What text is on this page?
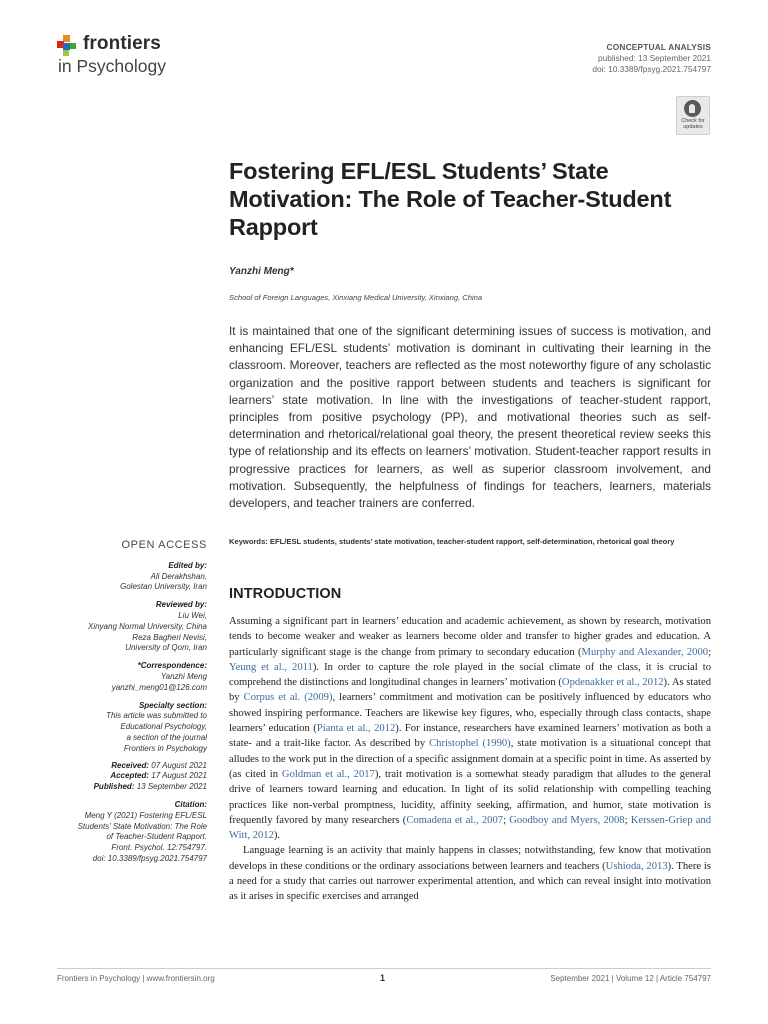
frontiers
in Psychology
CONCEPTUAL ANALYSIS
published: 13 September 2021
doi: 10.3389/fpsyg.2021.754797
Check for updates
Fostering EFL/ESL Students’ State Motivation: The Role of Teacher-Student Rapport
Yanzhi Meng*
School of Foreign Languages, Xinxiang Medical University, Xinxiang, China
It is maintained that one of the significant determining issues of success is motivation, and enhancing EFL/ESL students’ motivation is dominant in cultivating their learning in the classroom. Moreover, teachers are reflected as the most noteworthy figure of any scholastic organization and the positive rapport between students and teachers is significant for learners’ state motivation. In line with the investigations of teacher-student rapport, principles from positive psychology (PP), and motivational theories such as self-determination and rhetorical/relational goal theory, the present theoretical review seeks this type of relationship and its effects on learners’ motivation. Student-teacher rapport results in progressive practices for learners, as well as superior classroom involvement, and motivation. Subsequently, the helpfulness of findings for teachers, learners, materials developers, and teacher trainers are conferred.
Keywords: EFL/ESL students, students’ state motivation, teacher-student rapport, self-determination, rhetorical goal theory
INTRODUCTION

Assuming a significant part in learners’ education and academic achievement, as shown by research, motivation tends to become weaker and weaker as learners become older and transfer to higher grades and education. A particularly significant stage is the change from primary to secondary education (Murphy and Alexander, 2000; Yeung et al., 2011). In order to capture the role played in the social climate of the class, it is crucial to comprehend the distinctions and longitudinal changes in learners’ motivation (Opdenakker et al., 2012). As stated by Corpus et al. (2009), learners’ commitment and motivation can be positively influenced by educators who showed inspiring performance. Teachers are likewise key figures, who, especially through class contacts, shape learners’ education (Pianta et al., 2012). For instance, researchers have examined learners’ motivation as both a state- and a trait-like factor. As described by Christophel (1990), state motivation is a situational concept that alludes to the work put in the direction of a specific assignment domain at a specific point in time. As asserted by (as cited in Goldman et al., 2017), trait motivation is a somewhat steady paradigm that alludes to the general drive of learners toward learning and education. In light of its solid relationship with compelling teaching practices like non-verbal promptness, lucidity, affinity seeking, affirmation, and humor, state motivation is frequently favored by many researchers (Comadena et al., 2007; Goodboy and Myers, 2008; Kerssen-Griep and Witt, 2012).

Language learning is an activity that mainly happens in classes; notwithstanding, few know that motivation develops in these conditions or the ordinary associations between learners and teachers (Ushioda, 2013). There is a need for a study that carries out narrower experimental attention, and which can reveal insight into motivation as it arises in specific exercises and arranged

OPEN ACCESS
Edited by:
Ali Derakhshan,
Golestan University, Iran
Reviewed by:
Liu Wei,
Xinyang Normal University, China
Reza Bagheri Nevisi,
University of Qom, Iran
*Correspondence:
Yanzhi Meng
yanzhi_meng01@126.com
Specialty section:
This article was submitted to
Educational Psychology,
a section of the journal
Frontiers in Psychology
Received: 07 August 2021
Accepted: 17 August 2021
Published: 13 September 2021
Citation:
Meng Y (2021) Fostering EFL/ESL
Students’ State Motivation: The Role
of Teacher-Student Rapport.
Front. Psychol. 12:754797.
doi: 10.3389/fpsyg.2021.754797
Frontiers in Psychology | www.frontiersin.org	1	September 2021 | Volume 12 | Article 754797
